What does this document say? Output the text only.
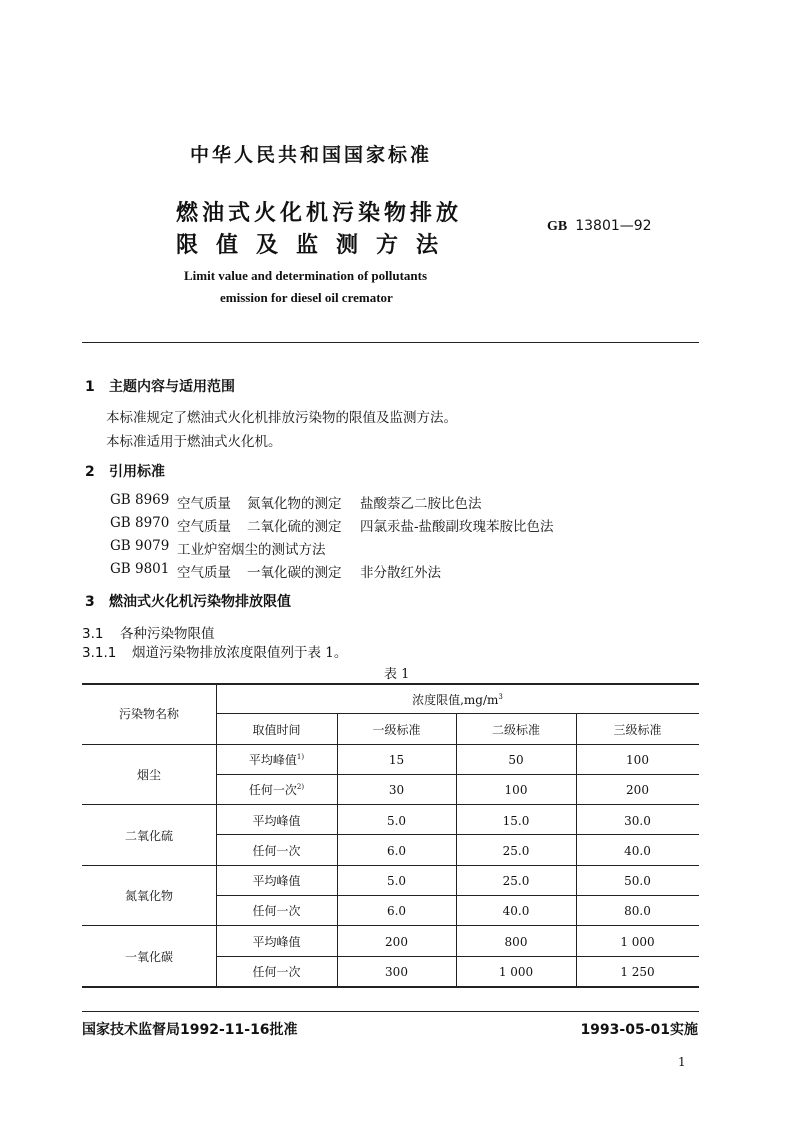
中华人民共和国国家标准
燃油式火化机污染物排放
限值及监测方法
GB 13801—92
Limit value and determination of pollutants
emission for diesel oil cremator
1 主题内容与适用范围
本标准规定了燃油式火化机排放污染物的限值及监测方法。
本标准适用于燃油式火化机。
2 引用标准
GB 8969 空气质量 氮氧化物的测定 盐酸萘乙二胺比色法
GB 8970 空气质量 二氧化硫的测定 四氯汞盐-盐酸副玫瑰苯胺比色法
GB 9079 工业炉窑烟尘的测试方法
GB 9801 空气质量 一氧化碳的测定 非分散红外法
3 燃油式火化机污染物排放限值
3.1 各种污染物限值
3.1.1 烟道污染物排放浓度限值列于表 1。
表 1
污染物名称
浓度限值$,mg/m^3$
取值时间	一级标准	二级标准	三级标准
烟尘
平均峰值$^{1)}$	15	50	100
任何一次$^{2)}$	30	100	200
二氧化硫
平均峰值	5.0	15.0	30.0
任何一次	6.0	25.0	40.0
氮氧化物
平均峰值	5.0	25.0	50.0
任何一次	6.0	40.0	80.0
一氧化碳
平均峰值	200	800	1 000
任何一次	300	1 000	1 250
国家技术监督局1992-11-16批准	1993-05-01实施
1
